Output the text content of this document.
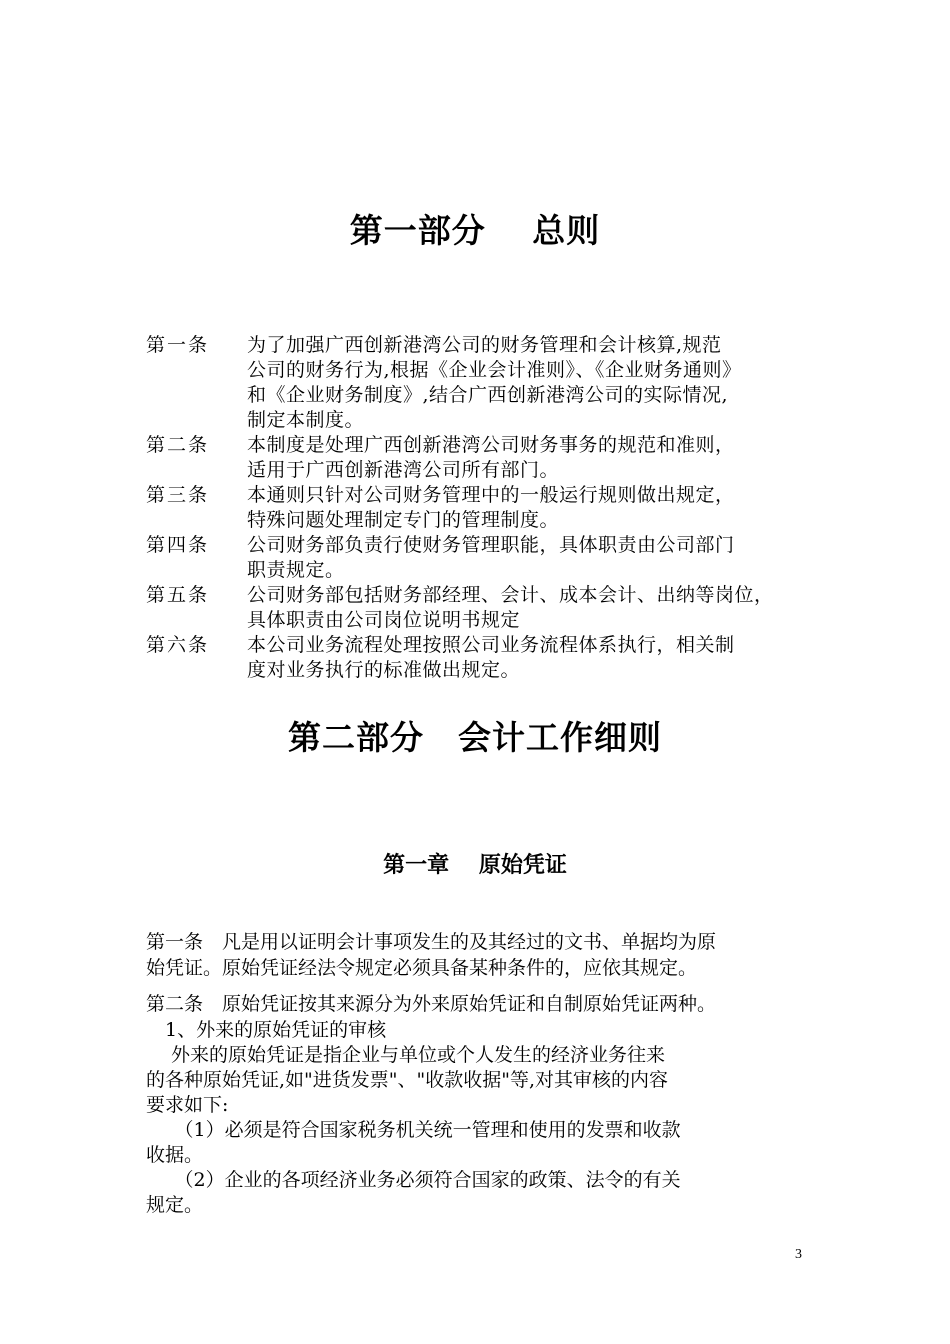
第一部分　 总则
第一条 为了加强广西创新港湾公司的财务管理和会计核算,规范
公司的财务行为,根据《企业会计准则》、《企业财务通则》
和《企业财务制度》,结合广西创新港湾公司的实际情况,
制定本制度。
第二条 本制度是处理广西创新港湾公司财务事务的规范和准则，
适用于广西创新港湾公司所有部门。
第三条 本通则只针对公司财务管理中的一般运行规则做出规定，
特殊问题处理制定专门的管理制度。
第四条 公司财务部负责行使财务管理职能，具体职责由公司部门
职责规定。
第五条 公司财务部包括财务部经理、会计、成本会计、出纳等岗位，
具体职责由公司岗位说明书规定
第六条 本公司业务流程处理按照公司业务流程体系执行，相关制
度对业务执行的标准做出规定。
第二部分　会计工作细则
第一章　 原始凭证
第一条　凡是用以证明会计事项发生的及其经过的文书、单据均为原
始凭证。原始凭证经法令规定必须具备某种条件的，应依其规定。
第二条　原始凭证按其来源分为外来原始凭证和自制原始凭证两种。
　1、外来的原始凭证的审核
　 外来的原始凭证是指企业与单位或个人发生的经济业务往来
的各种原始凭证,如"进货发票"、"收款收据"等,对其审核的内容
要求如下:
　　（1）必须是符合国家税务机关统一管理和使用的发票和收款
收据。
　　（2）企业的各项经济业务必须符合国家的政策、法令的有关
规定。
3
